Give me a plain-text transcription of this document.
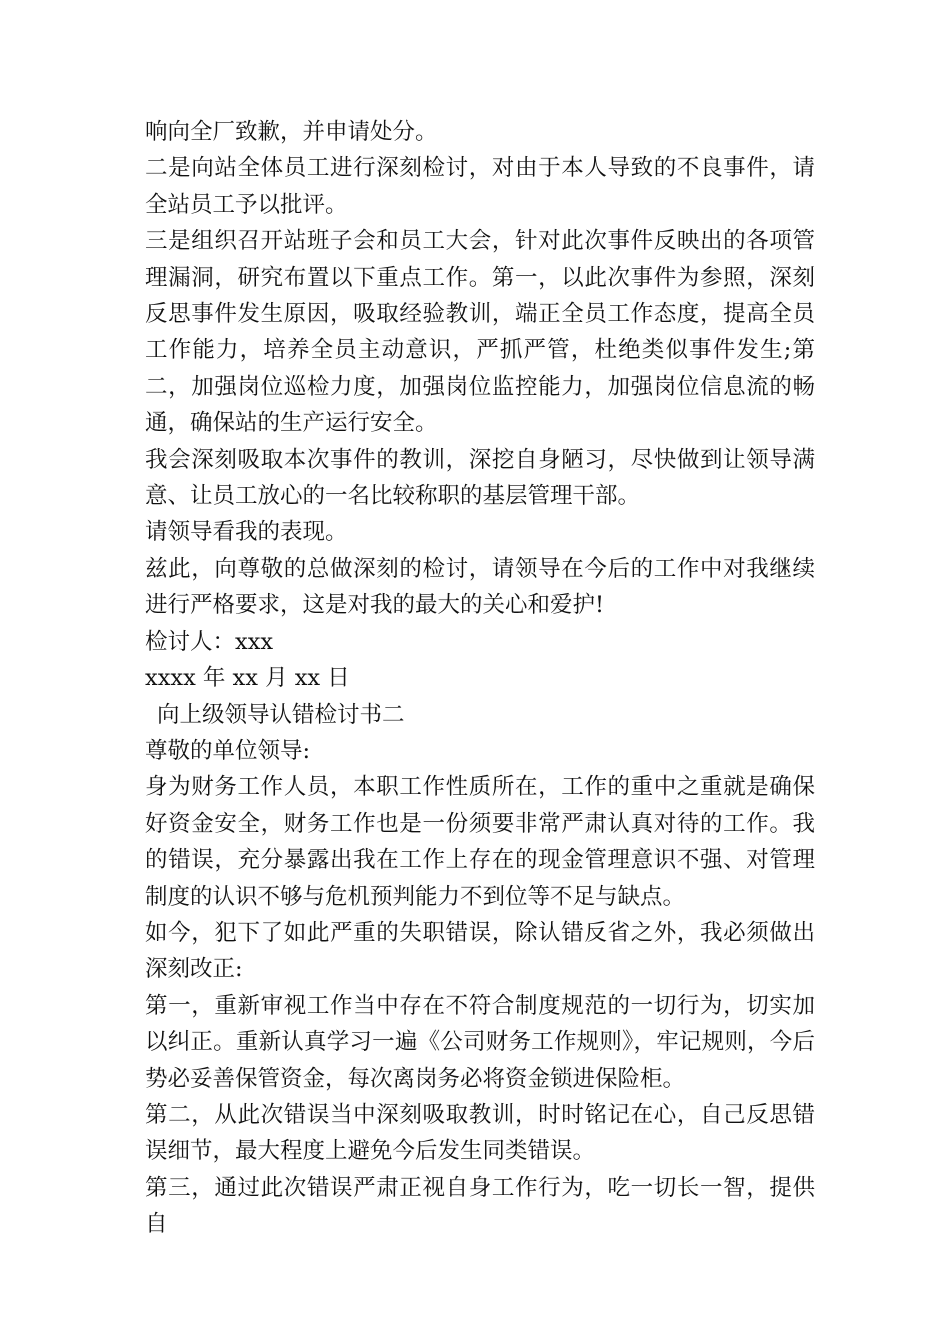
响向全厂致歉，并申请处分。

二是向站全体员工进行深刻检讨，对由于本人导致的不良事件，请全站员工予以批评。

三是组织召开站班子会和员工大会，针对此次事件反映出的各项管理漏洞，研究布置以下重点工作。第一，以此次事件为参照，深刻反思事件发生原因，吸取经验教训，端正全员工作态度，提高全员工作能力，培养全员主动意识，严抓严管，杜绝类似事件发生;第二，加强岗位巡检力度，加强岗位监控能力，加强岗位信息流的畅通，确保站的生产运行安全。

我会深刻吸取本次事件的教训，深挖自身陋习，尽快做到让领导满意、让员工放心的一名比较称职的基层管理干部。

请领导看我的表现。

兹此，向尊敬的总做深刻的检讨，请领导在今后的工作中对我继续进行严格要求，这是对我的最大的关心和爱护!

检讨人：xxx

xxxx 年 xx 月 xx 日

向上级领导认错检讨书二

尊敬的单位领导:

身为财务工作人员，本职工作性质所在，工作的重中之重就是确保好资金安全，财务工作也是一份须要非常严肃认真对待的工作。我的错误，充分暴露出我在工作上存在的现金管理意识不强、对管理制度的认识不够与危机预判能力不到位等不足与缺点。

如今，犯下了如此严重的失职错误，除认错反省之外，我必须做出深刻改正:

第一，重新审视工作当中存在不符合制度规范的一切行为，切实加以纠正。重新认真学习一遍《公司财务工作规则》，牢记规则，今后势必妥善保管资金，每次离岗务必将资金锁进保险柜。

第二，从此次错误当中深刻吸取教训，时时铭记在心，自己反思错误细节，最大程度上避免今后发生同类错误。

第三，通过此次错误严肃正视自身工作行为，吃一切长一智，提供自
